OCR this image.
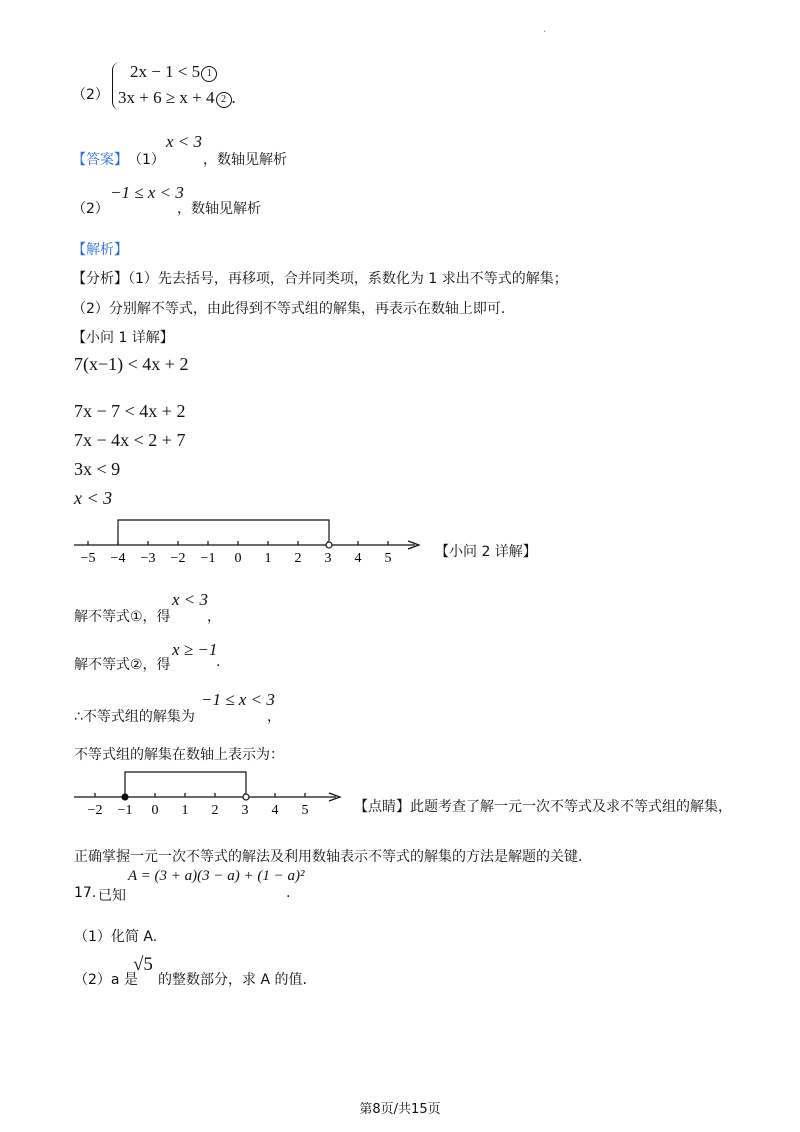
.
（2）
2x − 1 < 5 1
3x + 6 ≥ x + 4 2 .
【答案】 （1）
x < 3
，数轴见解析
（2）
−1 ≤ x < 3
，数轴见解析
【解析】
【分析】（1）先去括号，再移项，合并同类项，系数化为 1 求出不等式的解集；
（2）分别解不等式，由此得到不等式组的解集，再表示在数轴上即可.
【小问 1 详解】
7(x−1) < 4x + 2
7x − 7 < 4x + 2
7x − 4x < 2 + 7
3x < 9
x < 3
−5 −4 −3 −2 −1 0 1 2 3 4 5	【小问 2 详解】
解不等式①，得
x < 3
，
解不等式②，得
x ≥ −1
.
∴不等式组的解集为
−1 ≤ x < 3
，
不等式组的解集在数轴上表示为：
−2 −1 0 1 2 3 4 5	【点睛】此题考查了解一元一次不等式及求不等式组的解集，
正确掌握一元一次不等式的解法及利用数轴表示不等式的解集的方法是解题的关键.
17. 已知
A = (3 + a)(3 − a) + (1 − a)²
.
（1）化简 A.
（2）a 是
√5
的整数部分，求 A 的值.
第8页/共15页
